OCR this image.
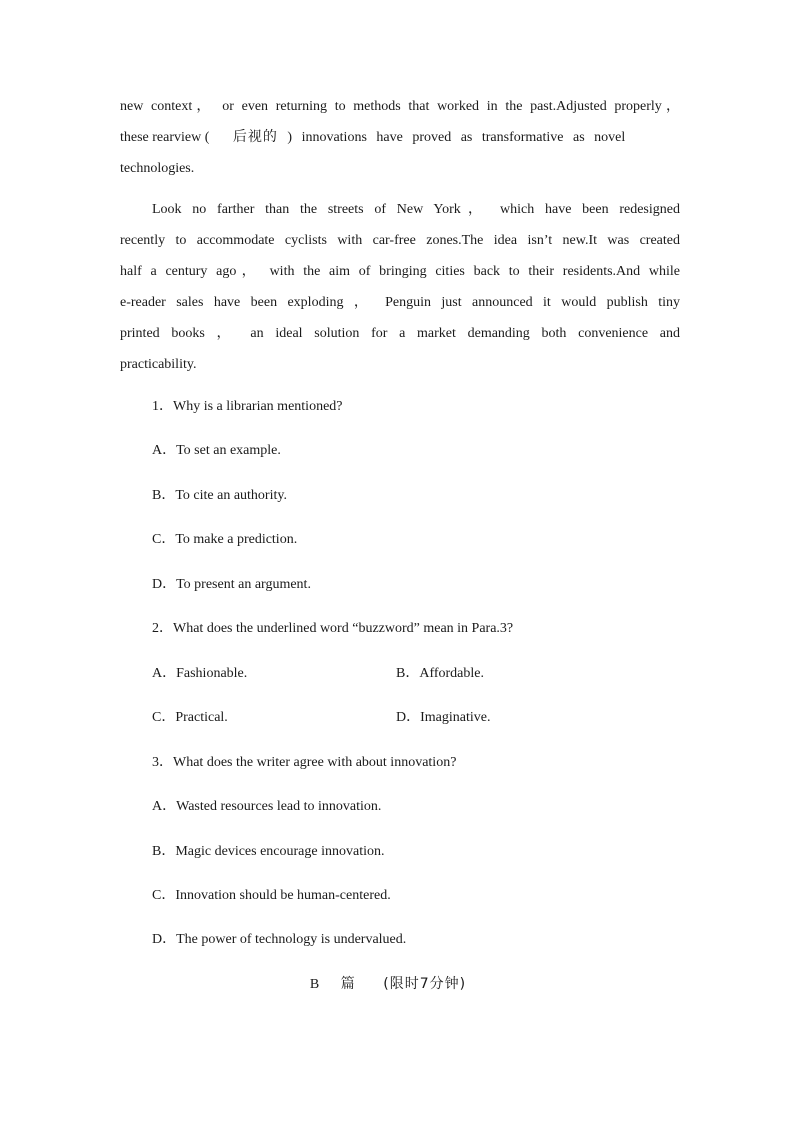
new context， or even returning to methods that worked in the past.Adjusted properly，
these rearview ( 后视的 ) innovations have proved as transformative as novel
technologies.
Look no farther than the streets of New York， which have been redesigned
recently to accommodate cyclists with car-free zones.The idea isn’t new.It was created
half a century ago， with the aim of bringing cities back to their residents.And while
e-reader sales have been exploding ， Penguin just announced it would publish tiny
printed books ， an ideal solution for a market demanding both convenience and
practicability.

1．Why is a librarian mentioned?

A．To set an example.

B．To cite an authority.

C．To make a prediction.

D．To present an argument.

2．What does the underlined word “buzzword” mean in Para.3?

A．Fashionable.	B．Affordable.

C．Practical.	D．Imaginative.

3．What does the writer agree with about innovation?

A．Wasted resources lead to innovation.

B．Magic devices encourage innovation.

C．Innovation should be human-centered.

D．The power of technology is undervalued.

B 篇 (限时7分钟)
